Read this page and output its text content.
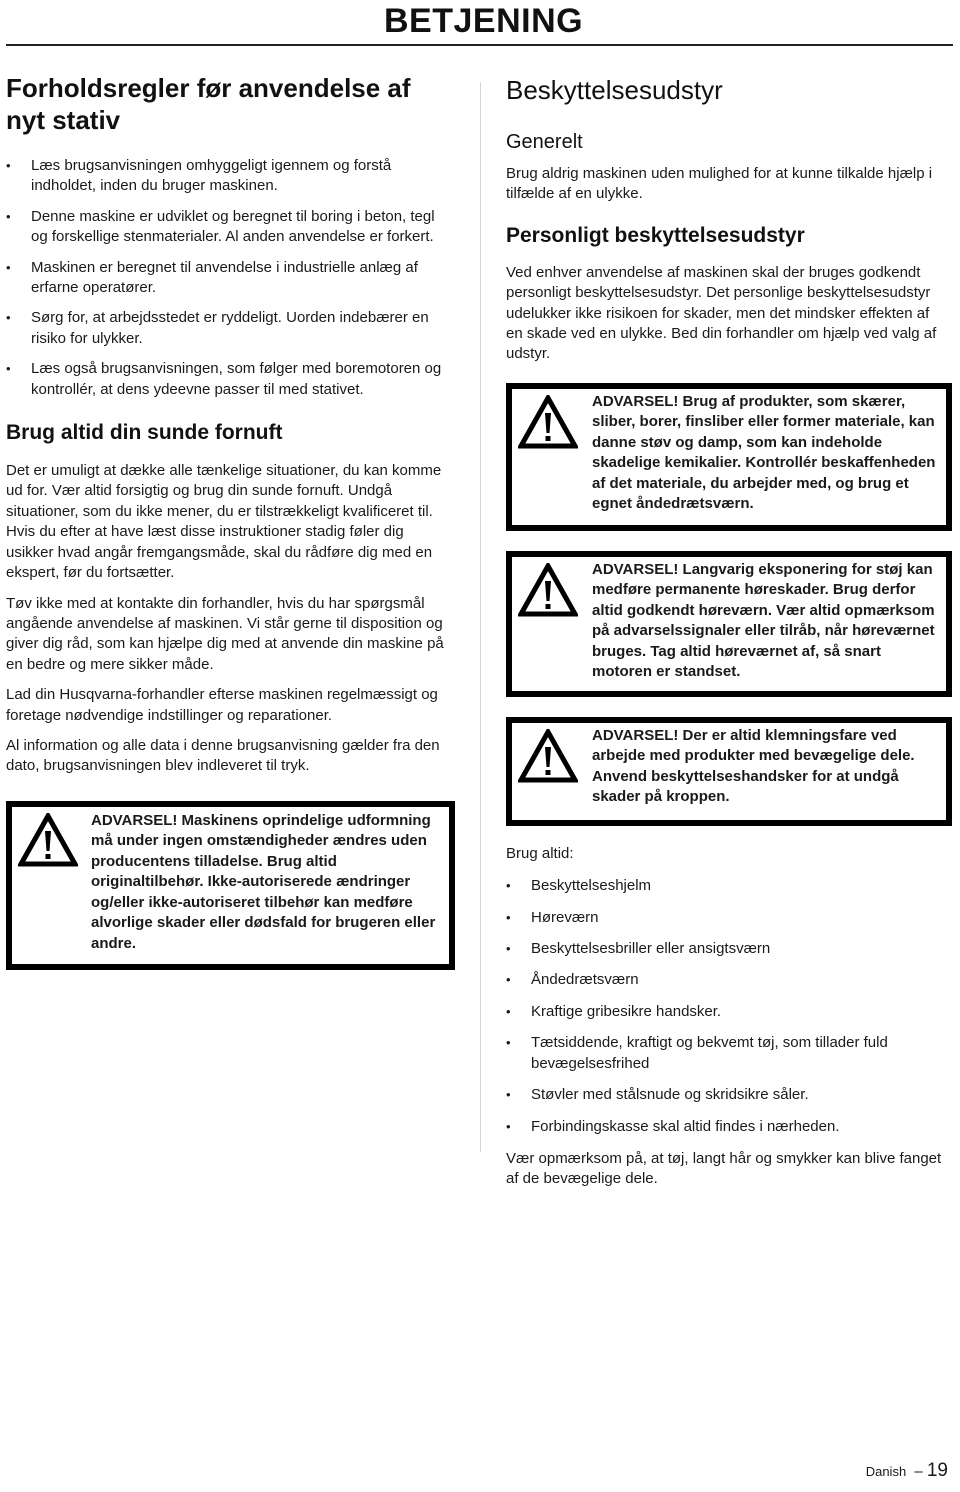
BETJENING
Forholdsregler før anvendelse af nyt stativ
• Læs brugsanvisningen omhyggeligt igennem og forstå indholdet, inden du bruger maskinen.
• Denne maskine er udviklet og beregnet til boring i beton, tegl og forskellige stenmaterialer. Al anden anvendelse er forkert.
• Maskinen er beregnet til anvendelse i industrielle anlæg af erfarne operatører.
• Sørg for, at arbejdsstedet er ryddeligt. Uorden indebærer en risiko for ulykker.
• Læs også brugsanvisningen, som følger med boremotoren og kontrollér, at dens ydeevne passer til med stativet.
Brug altid din sunde fornuft

Det er umuligt at dække alle tænkelige situationer, du kan komme ud for. Vær altid forsigtig og brug din sunde fornuft. Undgå situationer, som du ikke mener, du er tilstrækkeligt kvalificeret til. Hvis du efter at have læst disse instruktioner stadig føler dig usikker hvad angår fremgangsmåde, skal du rådføre dig med en ekspert, før du fortsætter.

Tøv ikke med at kontakte din forhandler, hvis du har spørgsmål angående anvendelse af maskinen. Vi står gerne til disposition og giver dig råd, som kan hjælpe dig med at anvende din maskine på en bedre og mere sikker måde.

Lad din Husqvarna-forhandler efterse maskinen regelmæssigt og foretage nødvendige indstillinger og reparationer.

Al information og alle data i denne brugsanvisning gælder fra den dato, brugsanvisningen blev indleveret til tryk.

ADVARSEL! Maskinens oprindelige udformning må under ingen omstændigheder ændres uden producentens tilladelse. Brug altid originaltilbehør. Ikke-autoriserede ændringer og/eller ikke-autoriseret tilbehør kan medføre alvorlige skader eller dødsfald for brugeren eller andre.
Beskyttelsesudstyr
Generelt

Brug aldrig maskinen uden mulighed for at kunne tilkalde hjælp i tilfælde af en ulykke.

Personligt beskyttelsesudstyr

Ved enhver anvendelse af maskinen skal der bruges godkendt personligt beskyttelsesudstyr. Det personlige beskyttelsesudstyr udelukker ikke risikoen for skader, men det mindsker effekten af en skade ved en ulykke. Bed din forhandler om hjælp ved valg af udstyr.

ADVARSEL! Brug af produkter, som skærer, sliber, borer, finsliber eller former materiale, kan danne støv og damp, som kan indeholde skadelige kemikalier. Kontrollér beskaffenheden af det materiale, du arbejder med, og brug et egnet åndedrætsværn.
ADVARSEL! Langvarig eksponering for støj kan medføre permanente høreskader. Brug derfor altid godkendt høreværn. Vær altid opmærksom på advarselssignaler eller tilråb, når høreværnet bruges. Tag altid høreværnet af, så snart motoren er standset.
ADVARSEL! Der er altid klemningsfare ved arbejde med produkter med bevægelige dele. Anvend beskyttelseshandsker for at undgå skader på kroppen.

Brug altid:

• Beskyttelseshjelm
• Høreværn
• Beskyttelsesbriller eller ansigtsværn
• Åndedrætsværn
• Kraftige gribesikre handsker.
• Tætsiddende, kraftigt og bekvemt tøj, som tillader fuld bevægelsesfrihed
• Støvler med stålsnude og skridsikre såler.
• Forbindingskasse skal altid findes i nærheden.

Vær opmærksom på, at tøj, langt hår og smykker kan blive fanget af de bevægelige dele.

Danish – 19
